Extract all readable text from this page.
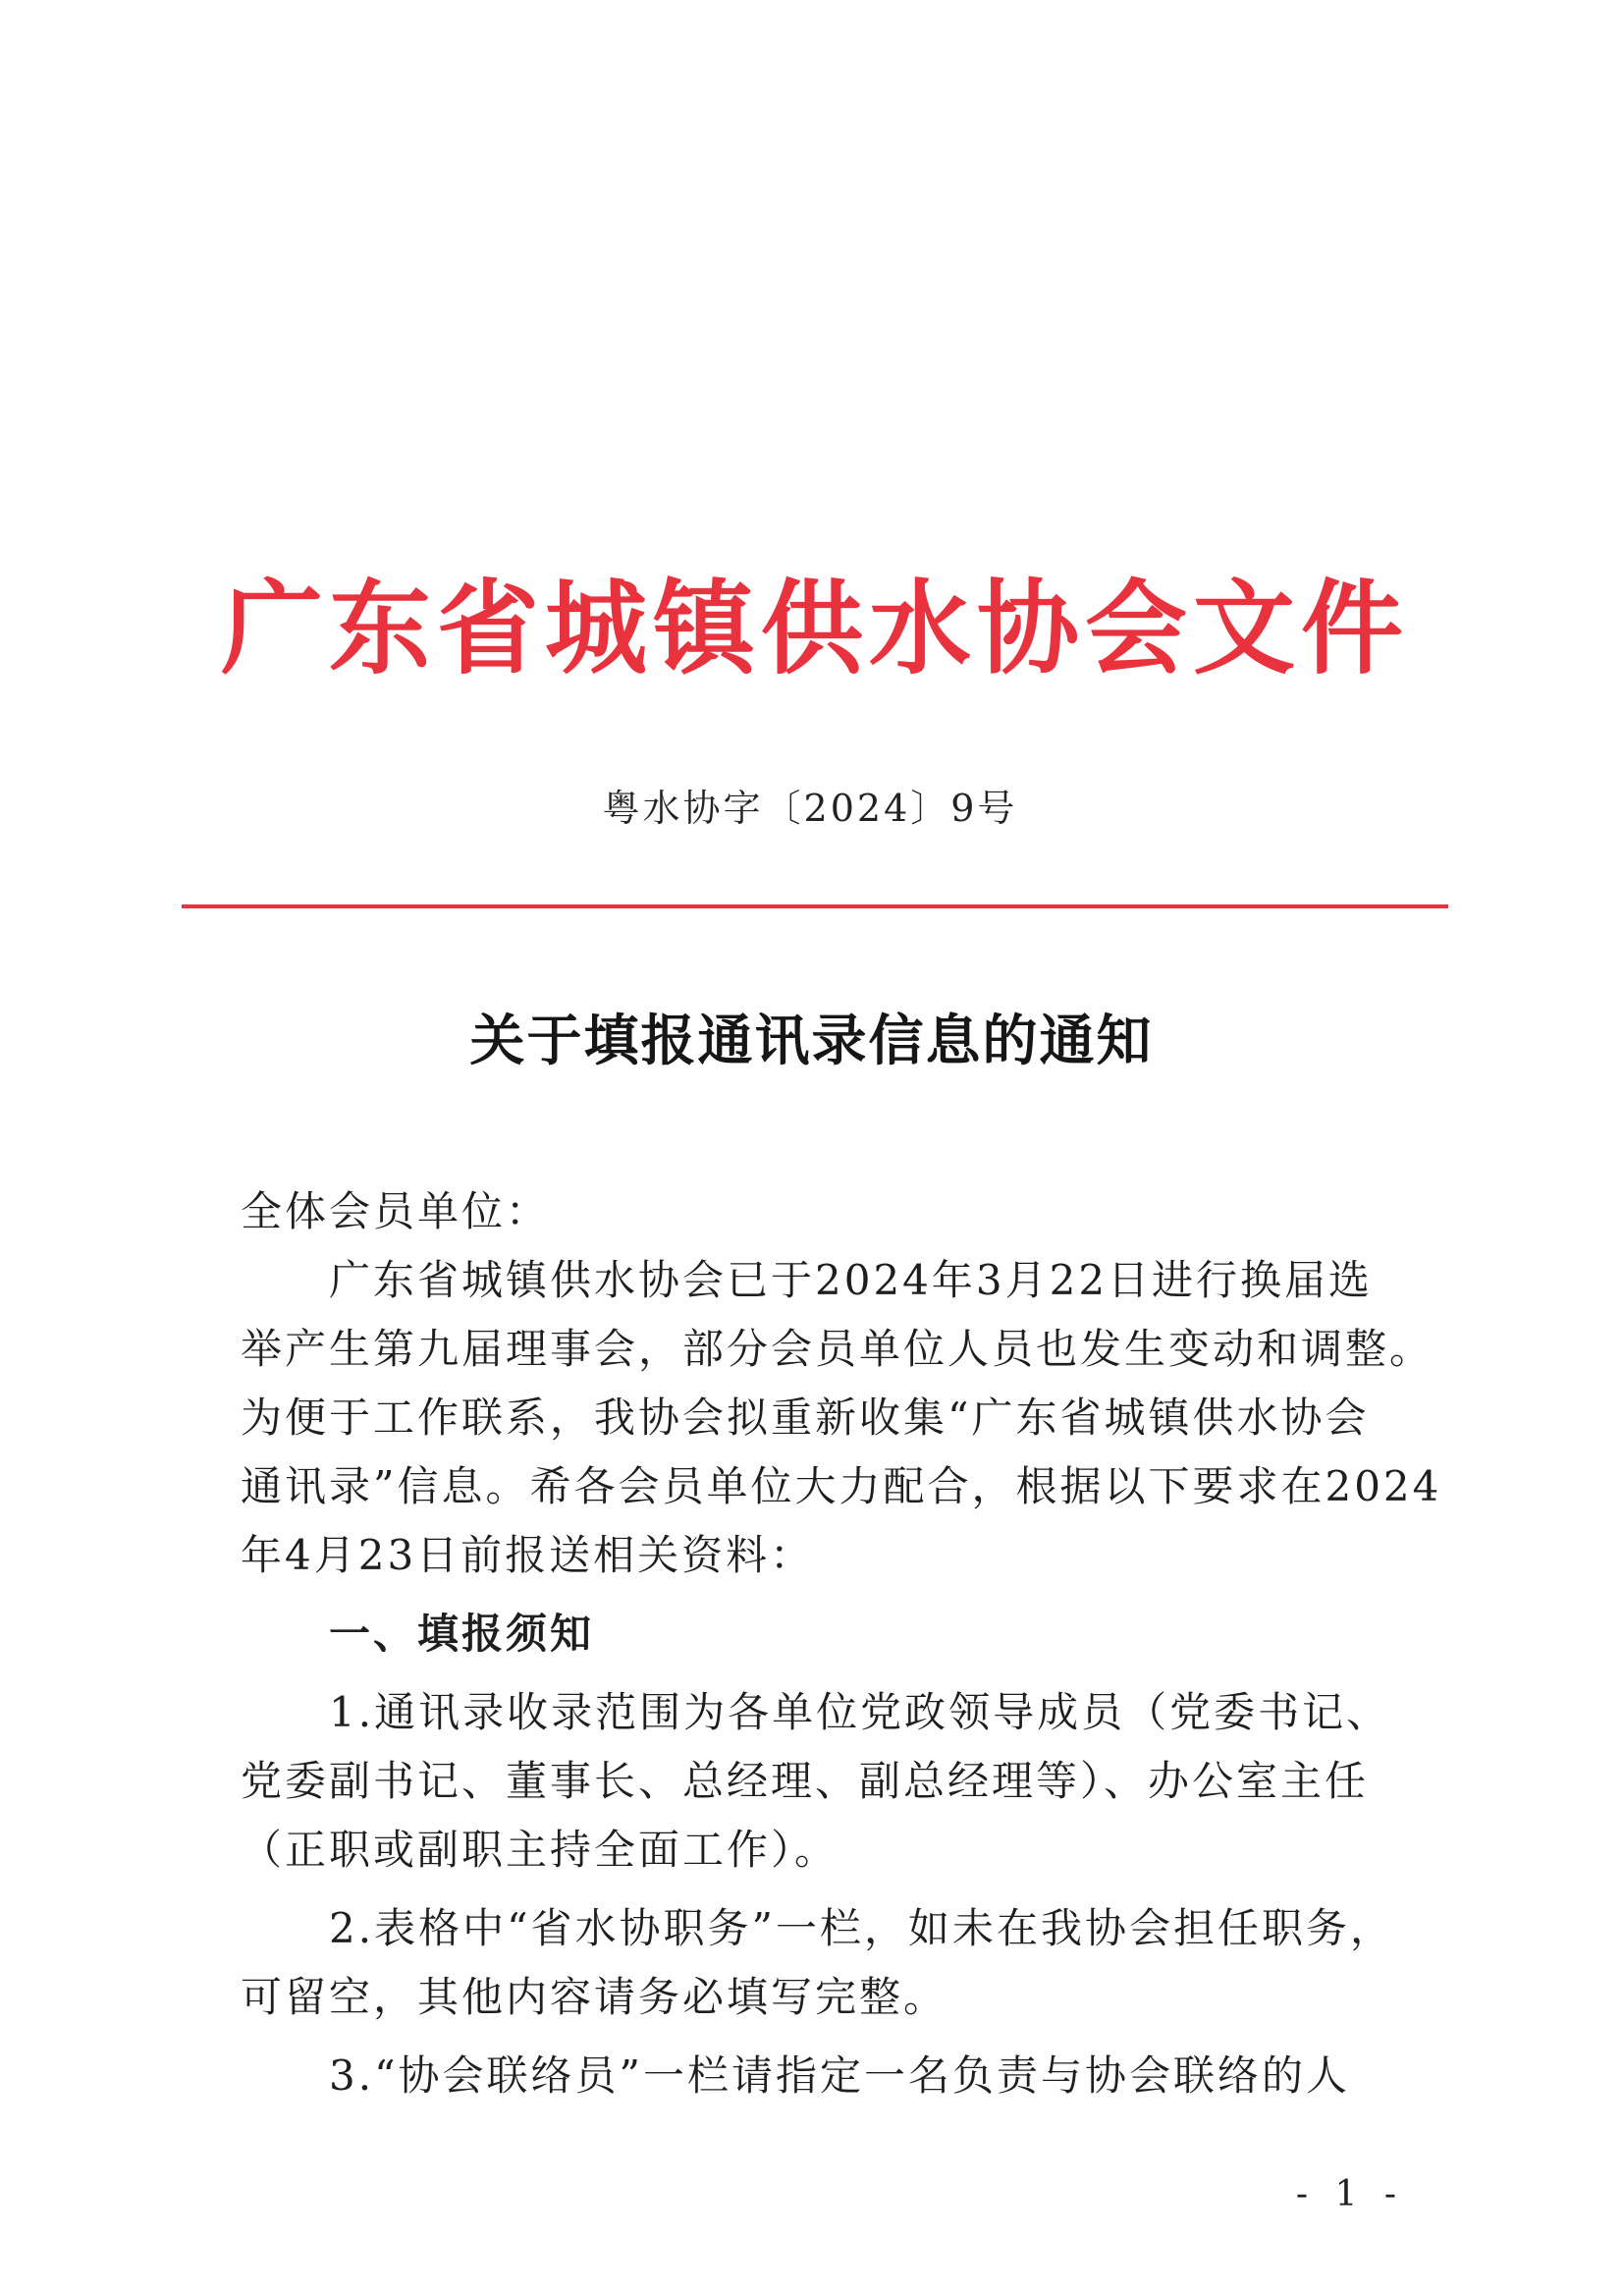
广东省城镇供水协会文件
粤水协字〔2024〕9号
关于填报通讯录信息的通知
全体会员单位：
　　广东省城镇供水协会已于2024年3月22日进行换届选
举产生第九届理事会，部分会员单位人员也发生变动和调整。
为便于工作联系，我协会拟重新收集“广东省城镇供水协会
通讯录”信息。希各会员单位大力配合，根据以下要求在2024
年4月23日前报送相关资料：
　　一、填报须知
　　1.通讯录收录范围为各单位党政领导成员（党委书记、
党委副书记、董事长、总经理、副总经理等）、办公室主任
（正职或副职主持全面工作）。
　　2.表格中“省水协职务”一栏，如未在我协会担任职务，
可留空，其他内容请务必填写完整。
　　3.“协会联络员”一栏请指定一名负责与协会联络的人
- 1 -
